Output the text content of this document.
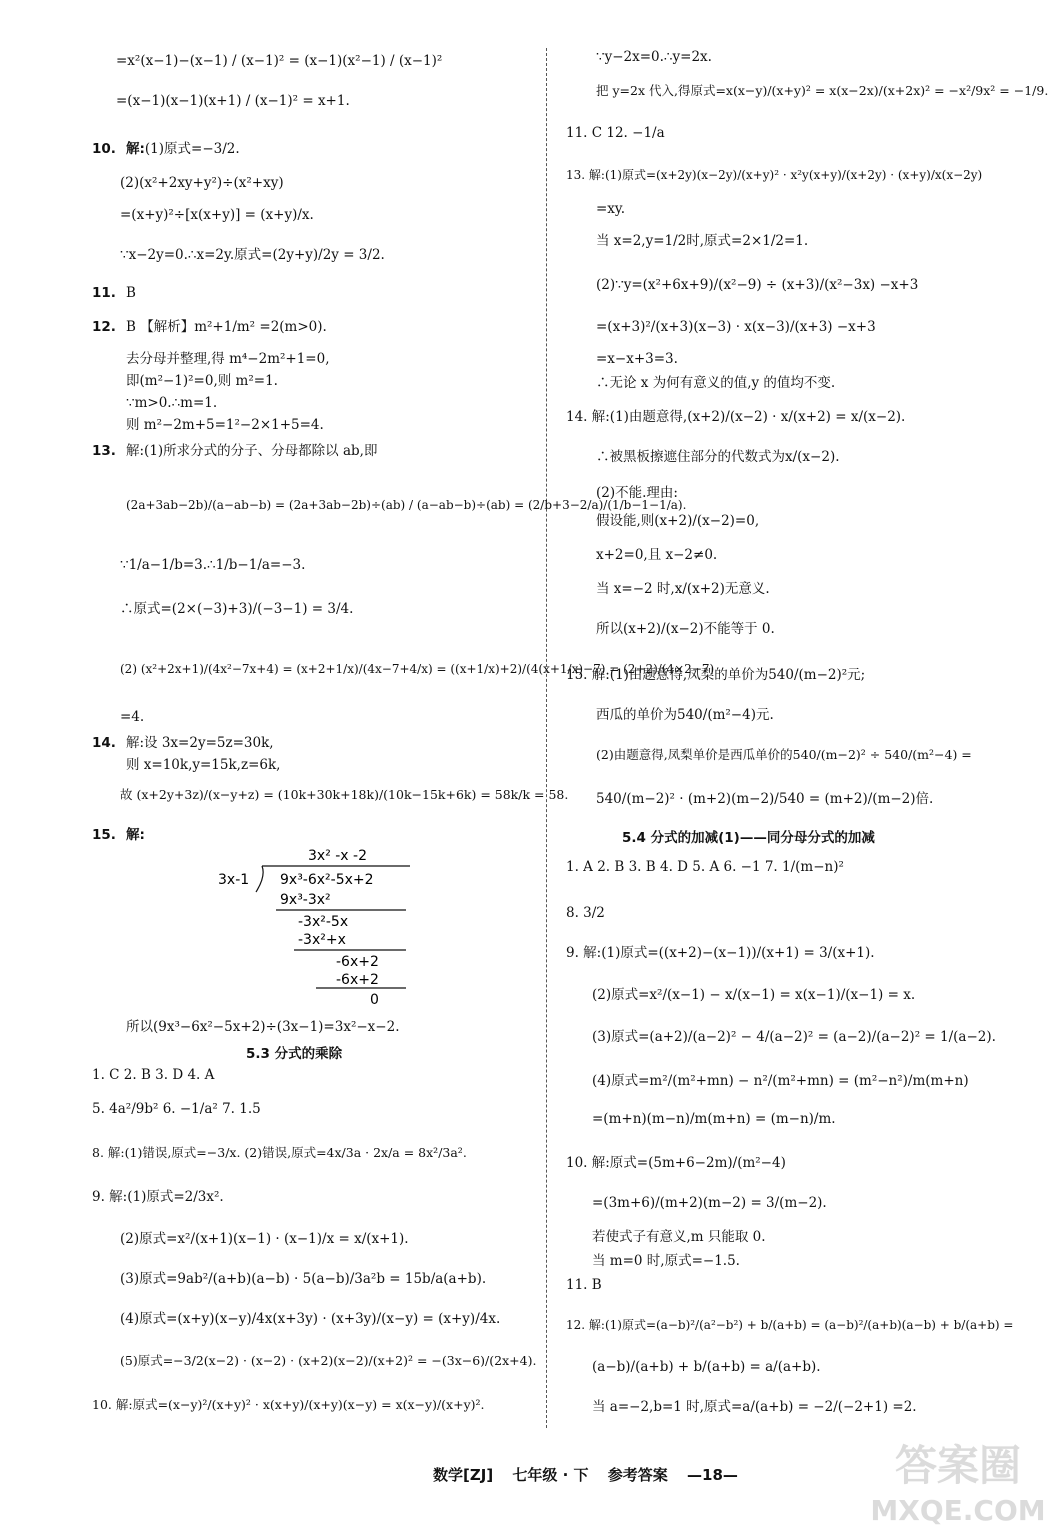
=x²(x−1)−(x−1) / (x−1)² = (x−1)(x²−1) / (x−1)²
=(x−1)(x−1)(x+1) / (x−1)² = x+1.
10. 解:(1)原式=−3/2.
(2)(x²+2xy+y²)÷(x²+xy)
=(x+y)²÷[x(x+y)] = (x+y)/x.
∵x−2y=0.∴x=2y.原式=(2y+y)/2y = 3/2.
11. B
12. B 【解析】m²+1/m² =2(m>0).
去分母并整理,得 m⁴−2m²+1=0,
即(m²−1)²=0,则 m²=1.
∵m>0.∴m=1.
则 m²−2m+5=1²−2×1+5=4.
13. 解:(1)所求分式的分子、分母都除以 ab,即
(2a+3ab−2b)/(a−ab−b) = (2a+3ab−2b)÷(ab) / (a−ab−b)÷(ab) = (2/b+3−2/a)/(1/b−1−1/a).
∵1/a−1/b=3.∴1/b−1/a=−3.
∴原式=(2×(−3)+3)/(−3−1) = 3/4.
(2) (x²+2x+1)/(4x²−7x+4) = (x+2+1/x)/(4x−7+4/x) = ((x+1/x)+2)/(4(x+1/x)−7) = (2+2)/(4×2−7)
=4.
14. 解:设 3x=2y=5z=30k,
则 x=10k,y=15k,z=6k,
故 (x+2y+3z)/(x−y+z) = (10k+30k+18k)/(10k−15k+6k) = 58k/k = 58.
15. 解:
3x² -x -2
3x-1 9x³-6x²-5x+2
9x³-3x²
-3x²-5x
-3x²+x
-6x+2
-6x+2
0
所以(9x³−6x²−5x+2)÷(3x−1)=3x²−x−2.
5.3 分式的乘除
1. C 2. B 3. D 4. A
5. 4a²/9b² 6. −1/a² 7. 1.5
8. 解:(1)错误,原式=−3/x. (2)错误,原式=4x/3a · 2x/a = 8x²/3a².
9. 解:(1)原式=2/3x².
(2)原式=x²/(x+1)(x−1) · (x−1)/x = x/(x+1).
(3)原式=9ab²/(a+b)(a−b) · 5(a−b)/3a²b = 15b/a(a+b).
(4)原式=(x+y)(x−y)/4x(x+3y) · (x+3y)/(x−y) = (x+y)/4x.
(5)原式=−3/2(x−2) · (x−2) · (x+2)(x−2)/(x+2)² = −(3x−6)/(2x+4).
10. 解:原式=(x−y)²/(x+y)² · x(x+y)/(x+y)(x−y) = x(x−y)/(x+y)².
∵y−2x=0.∴y=2x.
把 y=2x 代入,得原式=x(x−y)/(x+y)² = x(x−2x)/(x+2x)² = −x²/9x² = −1/9.
11. C 12. −1/a
13. 解:(1)原式=(x+2y)(x−2y)/(x+y)² · x²y(x+y)/(x+2y) · (x+y)/x(x−2y)
=xy.
当 x=2,y=1/2时,原式=2×1/2=1.
(2)∵y=(x²+6x+9)/(x²−9) ÷ (x+3)/(x²−3x) −x+3
=(x+3)²/(x+3)(x−3) · x(x−3)/(x+3) −x+3
=x−x+3=3.
∴无论 x 为何有意义的值,y 的值均不变.
14. 解:(1)由题意得,(x+2)/(x−2) · x/(x+2) = x/(x−2).
∴被黑板擦遮住部分的代数式为x/(x−2).
(2)不能.理由:
假设能,则(x+2)/(x−2)=0,
x+2=0,且 x−2≠0.
当 x=−2 时,x/(x+2)无意义.
所以(x+2)/(x−2)不能等于 0.
15. 解:(1)由题意得,凤梨的单价为540/(m−2)²元;
西瓜的单价为540/(m²−4)元.
(2)由题意得,凤梨单价是西瓜单价的540/(m−2)² ÷ 540/(m²−4) =
540/(m−2)² · (m+2)(m−2)/540 = (m+2)/(m−2)倍.
5.4 分式的加减(1)——同分母分式的加减
1. A 2. B 3. B 4. D 5. A 6. −1 7. 1/(m−n)²
8. 3/2
9. 解:(1)原式=((x+2)−(x−1))/(x+1) = 3/(x+1).
(2)原式=x²/(x−1) − x/(x−1) = x(x−1)/(x−1) = x.
(3)原式=(a+2)/(a−2)² − 4/(a−2)² = (a−2)/(a−2)² = 1/(a−2).
(4)原式=m²/(m²+mn) − n²/(m²+mn) = (m²−n²)/m(m+n)
=(m+n)(m−n)/m(m+n) = (m−n)/m.
10. 解:原式=(5m+6−2m)/(m²−4)
=(3m+6)/(m+2)(m−2) = 3/(m−2).
若使式子有意义,m 只能取 0.
当 m=0 时,原式=−1.5.
11. B
12. 解:(1)原式=(a−b)²/(a²−b²) + b/(a+b) = (a−b)²/(a+b)(a−b) + b/(a+b) =
(a−b)/(a+b) + b/(a+b) = a/(a+b).
当 a=−2,b=1 时,原式=a/(a+b) = −2/(−2+1) =2.
数学[ZJ] 七年级 · 下 参考答案 —18—	答案圈
MXQE.COM
